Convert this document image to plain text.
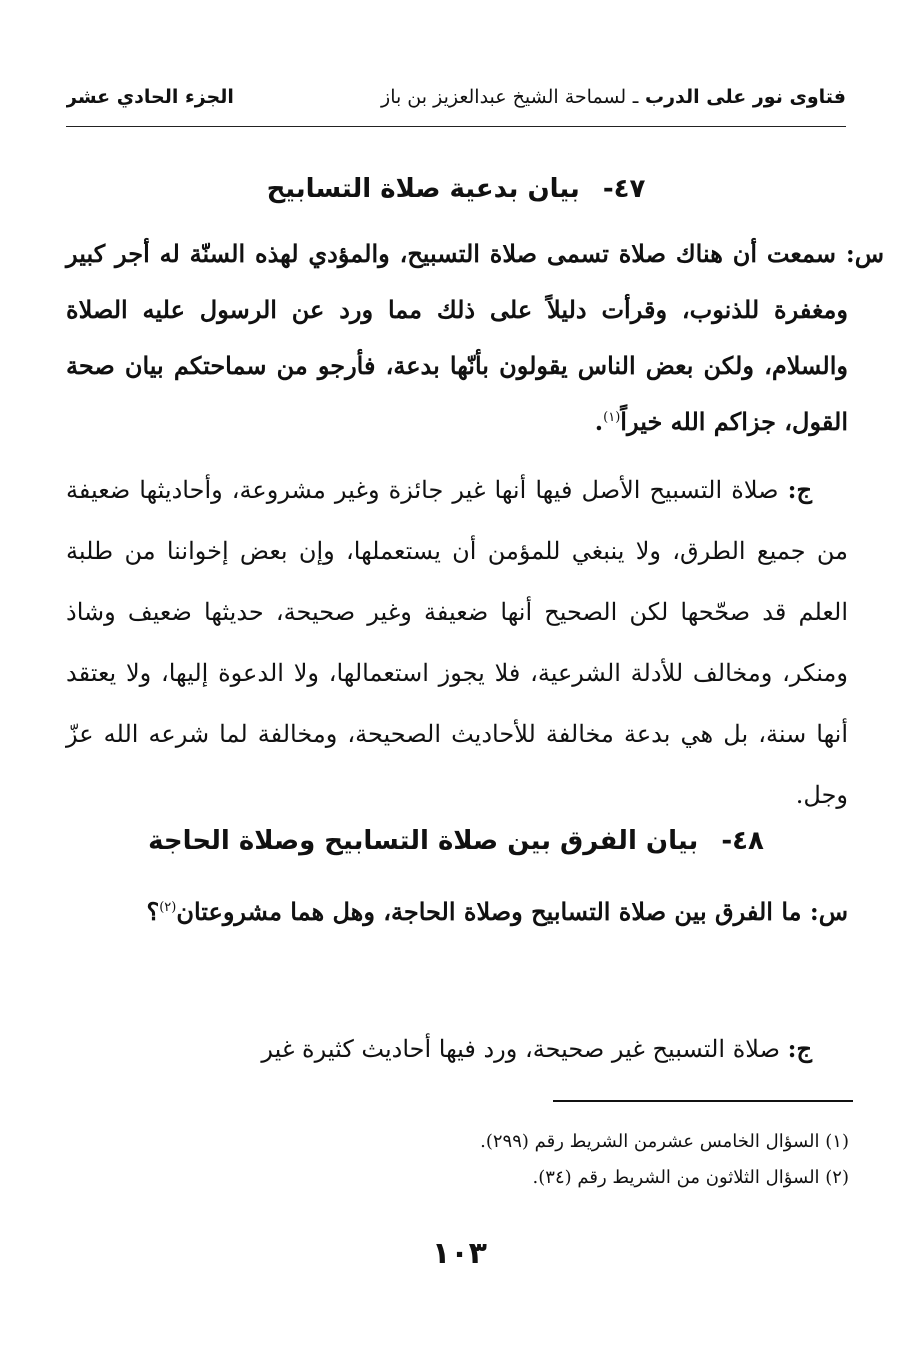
فتاوى نور على الدرب ـ لسماحة الشيخ عبدالعزيز بن باز
الجزء الحادي عشر
٤٧- بيان بدعية صلاة التسابيح
س: سمعت أن هناك صلاة تسمى صلاة التسبيح، والمؤدي لهذه السنّة له أجر كبير ومغفرة للذنوب، وقرأت دليلاً على ذلك مما ورد عن الرسول عليه الصلاة والسلام، ولكن بعض الناس يقولون بأنّها بدعة، فأرجو من سماحتكم بيان صحة القول، جزاكم الله خيراً$^{(١)}$.
ج: صلاة التسبيح الأصل فيها أنها غير جائزة وغير مشروعة، وأحاديثها ضعيفة من جميع الطرق، ولا ينبغي للمؤمن أن يستعملها، وإن بعض إخواننا من طلبة العلم قد صحّحها لكن الصحيح أنها ضعيفة وغير صحيحة، حديثها ضعيف وشاذ ومنكر، ومخالف للأدلة الشرعية، فلا يجوز استعمالها، ولا الدعوة إليها، ولا يعتقد أنها سنة، بل هي بدعة مخالفة للأحاديث الصحيحة، ومخالفة لما شرعه الله عزّ وجل.
٤٨- بيان الفرق بين صلاة التسابيح وصلاة الحاجة
س: ما الفرق بين صلاة التسابيح وصلاة الحاجة، وهل هما مشروعتان$^{(٢)}$؟
ج: صلاة التسبيح غير صحيحة، ورد فيها أحاديث كثيرة غير
(١) السؤال الخامس عشرمن الشريط رقم (٢٩٩).
(٢) السؤال الثلاثون من الشريط رقم (٣٤).
١٠٣
